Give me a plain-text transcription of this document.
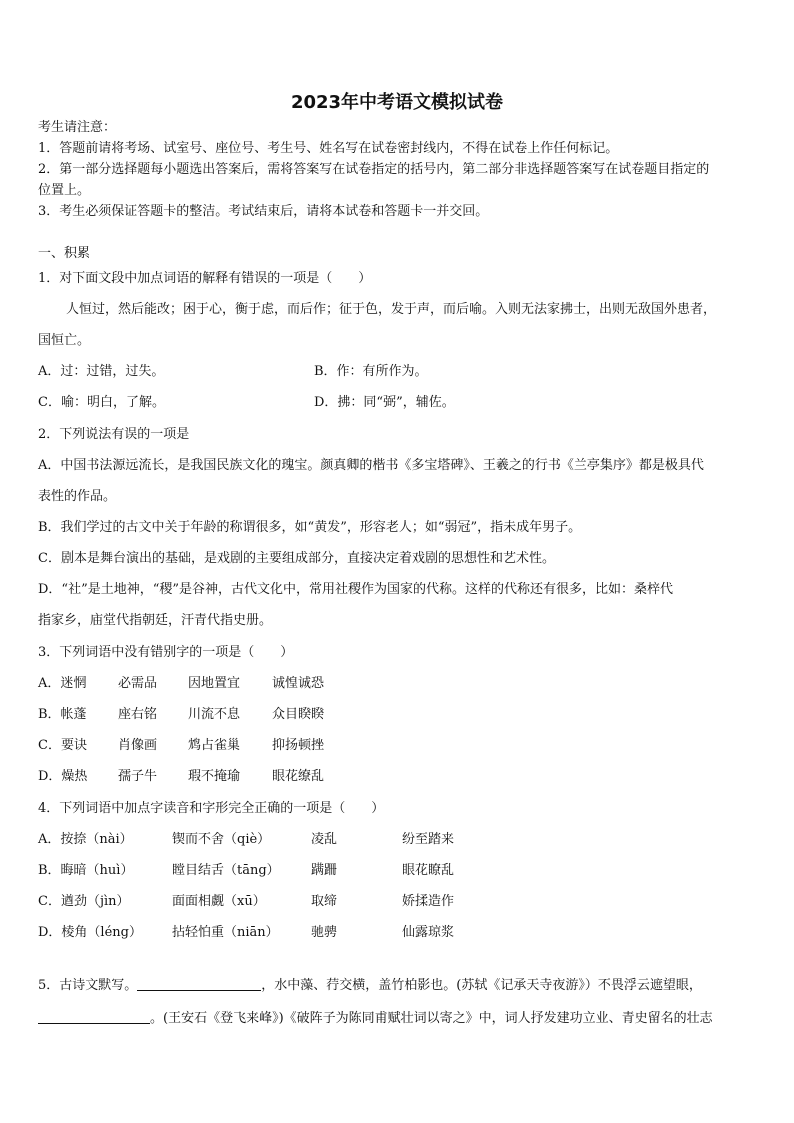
2023年中考语文模拟试卷
考生请注意：
1．答题前请将考场、试室号、座位号、考生号、姓名写在试卷密封线内，不得在试卷上作任何标记。
2．第一部分选择题每小题选出答案后，需将答案写在试卷指定的括号内，第二部分非选择题答案写在试卷题目指定的
位置上。
3．考生必须保证答题卡的整洁。考试结束后，请将本试卷和答题卡一并交回。
一、积累
1．对下面文段中加点词语的解释有错误的一项是（　　）
人恒过，然后能改；困于心，衡于虑，而后作；征于色，发于声，而后喻。入则无法家拂士，出则无敌国外患者，
国恒亡。
A．过：过错，过失。	B．作：有所作为。
C．喻：明白，了解。	D．拂：同“弼”，辅佐。
2．下列说法有误的一项是
A．中国书法源远流长，是我国民族文化的瑰宝。颜真卿的楷书《多宝塔碑》、王羲之的行书《兰亭集序》都是极具代
表性的作品。
B．我们学过的古文中关于年龄的称谓很多，如“黄发”，形容老人；如“弱冠”，指未成年男子。
C．剧本是舞台演出的基础，是戏剧的主要组成部分，直接决定着戏剧的思想性和艺术性。
D．“社”是土地神，“稷”是谷神，古代文化中，常用社稷作为国家的代称。这样的代称还有很多，比如：桑梓代
指家乡，庙堂代指朝廷，汗青代指史册。
3．下列词语中没有错别字的一项是（　　）
A．迷惘 必需品 因地置宜 诚惶诚恐
B．帐蓬 座右铭 川流不息 众目睽睽
C．要诀 肖像画 鸩占雀巢 抑扬顿挫
D．燥热 孺子牛 瑕不掩瑜 眼花缭乱
4．下列词语中加点字读音和字形完全正确的一项是（　　）
A．按捺（nài）	锲而不舍（qiè）	凌乱	纷至踏来
B．晦暗（huì）	瞠目结舌（tāng） 蹒跚	眼花瞭乱
C．遒劲（jìn）	面面相觑（xū）	取缔	娇揉造作
D．棱角（léng） 拈轻怕重（niān） 驰骋	仙露琼浆
5．古诗文默写。	，水中藻、荇交横，盖竹柏影也。(苏轼《记承天寺夜游》）不畏浮云遮望眼，
。(王安石《登飞来峰》)《破阵子为陈同甫赋壮词以寄之》中，词人抒发建功立业、青史留名的壮志
